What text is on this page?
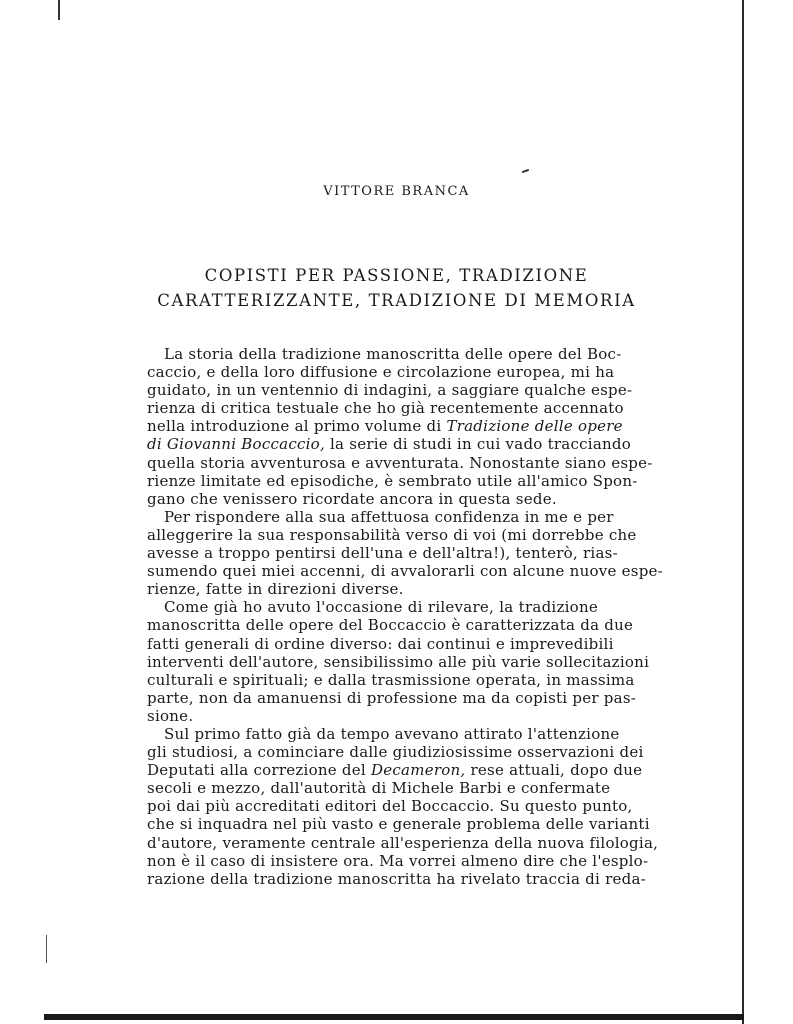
VITTORE BRANCA
COPISTI PER PASSIONE, TRADIZIONE
CARATTERIZZANTE, TRADIZIONE DI MEMORIA
La storia della tradizione manoscritta delle opere del Boc-
caccio, e della loro diffusione e circolazione europea, mi ha
guidato, in un ventennio di indagini, a saggiare qualche espe-
rienza di critica testuale che ho già recentemente accennato
nella introduzione al primo volume di Tradizione delle opere
di Giovanni Boccaccio, la serie di studi in cui vado tracciando
quella storia avventurosa e avventurata. Nonostante siano espe-
rienze limitate ed episodiche, è sembrato utile all'amico Spon-
gano che venissero ricordate ancora in questa sede.
Per rispondere alla sua affettuosa confidenza in me e per
alleggerire la sua responsabilità verso di voi (mi dorrebbe che
avesse a troppo pentirsi dell'una e dell'altra!), tenterò, rias-
sumendo quei miei accenni, di avvalorarli con alcune nuove espe-
rienze, fatte in direzioni diverse.
Come già ho avuto l'occasione di rilevare, la tradizione
manoscritta delle opere del Boccaccio è caratterizzata da due
fatti generali di ordine diverso: dai continui e imprevedibili
interventi dell'autore, sensibilissimo alle più varie sollecitazioni
culturali e spirituali; e dalla trasmissione operata, in massima
parte, non da amanuensi di professione ma da copisti per pas-
sione.
Sul primo fatto già da tempo avevano attirato l'attenzione
gli studiosi, a cominciare dalle giudiziosissime osservazioni dei
Deputati alla correzione del Decameron, rese attuali, dopo due
secoli e mezzo, dall'autorità di Michele Barbi e confermate
poi dai più accreditati editori del Boccaccio. Su questo punto,
che si inquadra nel più vasto e generale problema delle varianti
d'autore, veramente centrale all'esperienza della nuova filologia,
non è il caso di insistere ora. Ma vorrei almeno dire che l'esplo-
razione della tradizione manoscritta ha rivelato traccia di reda-
